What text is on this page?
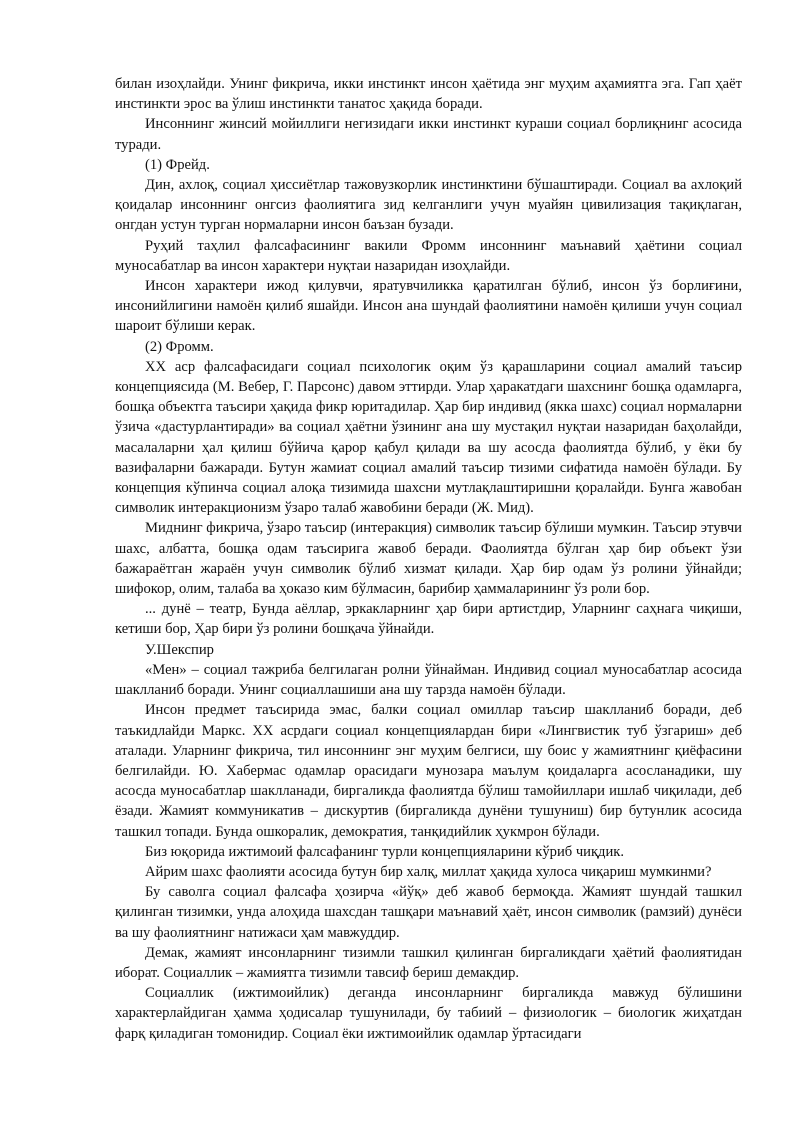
билан изоҳлайди. Унинг фикрича, икки инстинкт инсон ҳаётида энг муҳим аҳамиятга эга. Гап ҳаёт инстинкти эрос ва ўлиш инстинкти танатос ҳақида боради.

Инсоннинг жинсий мойиллиги негизидаги икки инстинкт кураши социал борлиқнинг асосида туради.

(1) Фрейд.

Дин, ахлоқ, социал ҳиссиётлар тажовузкорлик инстинктини бўшаштиради. Социал ва ахлоқий қоидалар инсоннинг онгсиз фаолиятига зид келганлиги учун муайян цивилизация тақиқлаган, онгдан устун турган нормаларни инсон баъзан бузади.

Руҳий таҳлил фалсафасининг вакили Фромм инсоннинг маънавий ҳаётини социал муносабатлар ва инсон характери нуқтаи назаридан изоҳлайди.

Инсон характери ижод қилувчи, яратувчиликка қаратилган бўлиб, инсон ўз борлиғини, инсонийлигини намоён қилиб яшайди. Инсон ана шундай фаолиятини намоён қилиши учун социал шароит бўлиши керак.

(2) Фромм.

XX аср фалсафасидаги социал психологик оқим ўз қарашларини социал амалий таъсир концепциясида (М. Вебер, Г. Парсонс) давом эттирди. Улар ҳаракатдаги шахснинг бошқа одамларга, бошқа объектга таъсири ҳақида фикр юритадилар. Ҳар бир индивид (якка шахс) социал нормаларни ўзича «дастурлантиради» ва социал ҳаётни ўзининг ана шу мустақил нуқтаи назаридан баҳолайди, масалаларни ҳал қилиш бўйича қарор қабул қилади ва шу асосда фаолиятда бўлиб, у ёки бу вазифаларни бажаради. Бутун жамиат социал амалий таъсир тизими сифатида намоён бўлади. Бу концепция кўпинча социал алоқа тизимида шахсни мутлақлаштиришни қоралайди. Бунга жавобан символик интеракционизм ўзаро талаб жавобини беради (Ж. Мид).

Миднинг фикрича, ўзаро таъсир (интеракция) символик таъсир бўлиши мумкин. Таъсир этувчи шахс, албатта, бошқа одам таъсирига жавоб беради. Фаолиятда бўлган ҳар бир объект ўзи бажараётган жараён учун символик бўлиб хизмат қилади. Ҳар бир одам ўз ролини ўйнайди; шифокор, олим, талаба ва ҳоказо ким бўлмасин, барибир ҳаммаларининг ўз роли бор.

... дунё – театр, Бунда аёллар, эркакларнинг ҳар бири артистдир, Уларнинг саҳнага чиқиши, кетиши бор, Ҳар бири ўз ролини бошқача ўйнайди.

У.Шекспир

«Мен» – социал тажриба белгилаган ролни ўйнайман. Индивид социал муносабатлар асосида шаклланиб боради. Унинг социаллашиши ана шу тарзда намоён бўлади.

Инсон предмет таъсирида эмас, балки социал омиллар таъсир шаклланиб боради, деб таъкидлайди Маркс. XX асрдаги социал концепциялардан бири «Лингвистик туб ўзгариш» деб аталади. Уларнинг фикрича, тил инсоннинг энг муҳим белгиси, шу боис у жамиятнинг қиёфасини белгилайди. Ю. Хабермас одамлар орасидаги мунозара маълум қоидаларга асосланадики, шу асосда муносабатлар шаклланади, биргаликда фаолиятда бўлиш тамойиллари ишлаб чиқилади, деб ёзади. Жамият коммуникатив – дискуртив (биргаликда дунёни тушуниш) бир бутунлик асосида ташкил топади. Бунда ошкоралик, демократия, танқидийлик ҳукмрон бўлади.

Биз юқорида ижтимоий фалсафанинг турли концепцияларини кўриб чиқдик.

Айрим шахс фаолияти асосида бутун бир халқ, миллат ҳақида хулоса чиқариш мумкинми?

Бу саволга социал фалсафа ҳозирча «йўқ» деб жавоб бермоқда. Жамият шундай ташкил қилинган тизимки, унда алоҳида шахсдан ташқари маънавий ҳаёт, инсон символик (рамзий) дунёси ва шу фаолиятнинг натижаси ҳам мавжуддир.

Демак, жамият инсонларнинг тизимли ташкил қилинган биргаликдаги ҳаётий фаолиятидан иборат. Социаллик – жамиятга тизимли тавсиф бериш демакдир.

Социаллик (ижтимоийлик) деганда инсонларнинг биргаликда мавжуд бўлишини характерлайдиган ҳамма ҳодисалар тушунилади, бу табиий – физиологик – биологик жиҳатдан фарқ қиладиган томонидир. Социал ёки ижтимоийлик одамлар ўртасидаги
